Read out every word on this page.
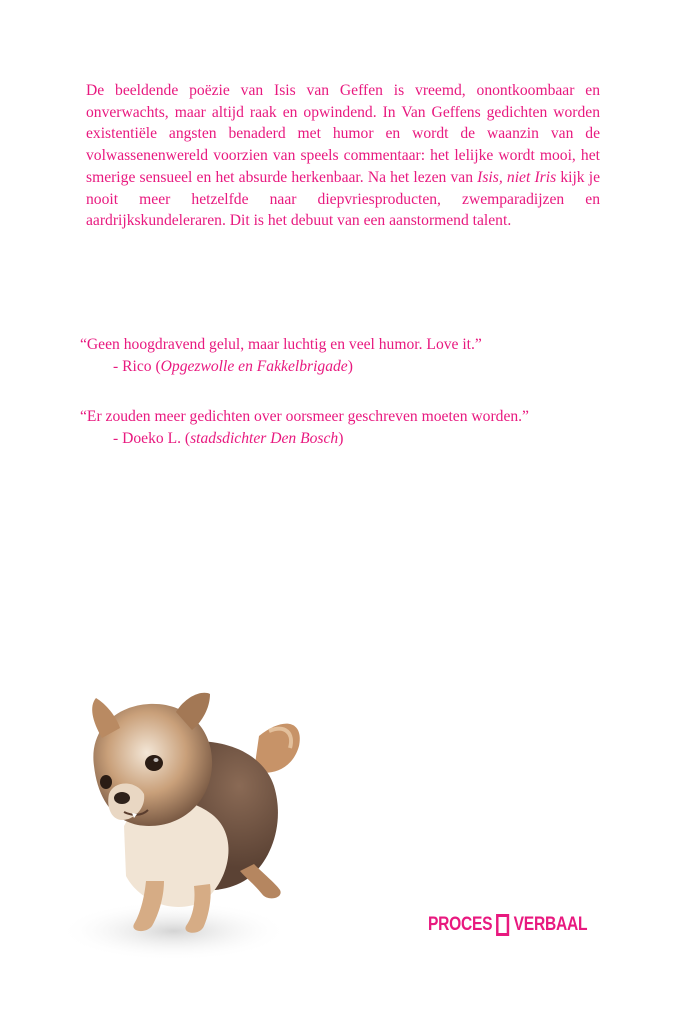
De beeldende poëzie van Isis van Geffen is vreemd, onontkoombaar en onverwachts, maar altijd raak en opwindend. In Van Geffens gedichten worden existentiële angsten benaderd met humor en wordt de waanzin van de volwassenenwereld voorzien van speels commentaar: het lelijke wordt mooi, het smerige sensueel en het absurde herkenbaar. Na het lezen van Isis, niet Iris kijk je nooit meer hetzelfde naar diepvriesproducten, zwemparadijzen en aardrijkskundeleraren. Dit is het debuut van een aanstormend talent.

“Geen hoogdravend gelul, maar luchtig en veel humor. Love it.”
- Rico (Opgezwolle en Fakkelbrigade)
“Er zouden meer gedichten over oorsmeer geschreven moeten worden.”
- Doeko L. (stadsdichter Den Bosch)
PROCES VERBAAL
